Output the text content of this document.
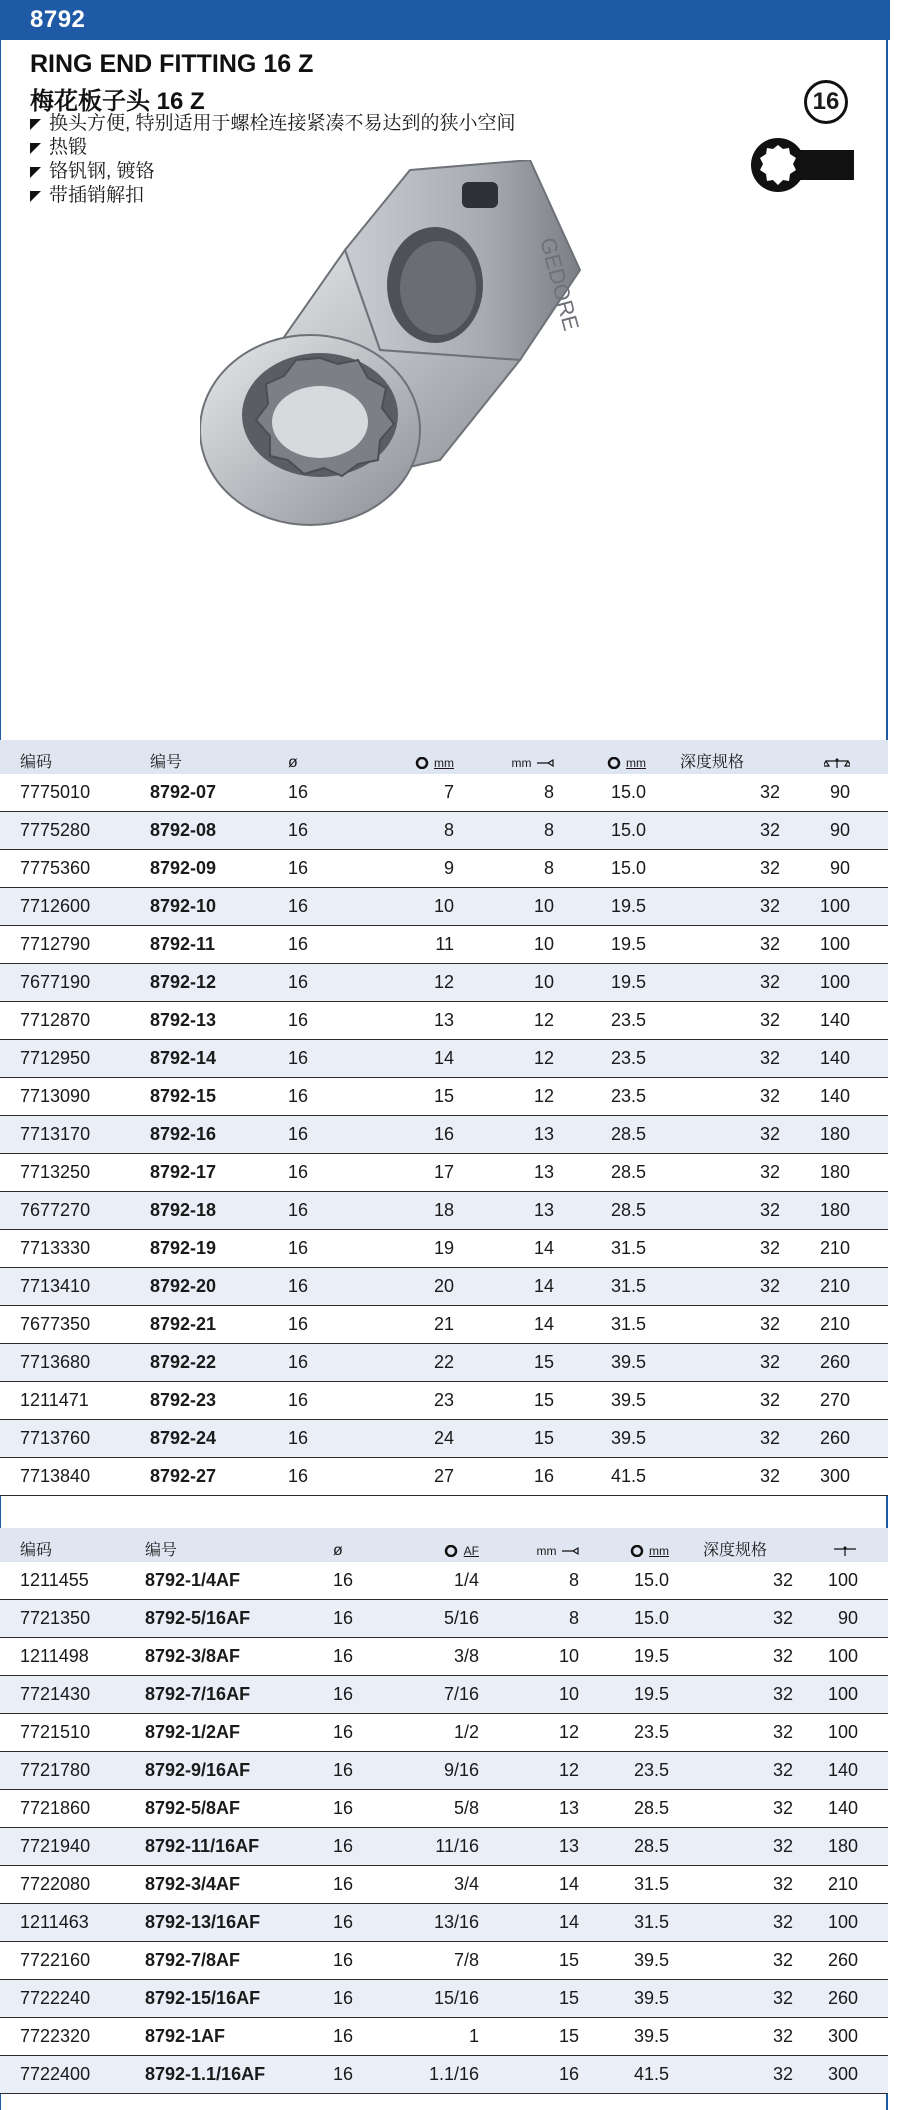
8792
RING END FITTING 16 Z
梅花板子头 16 Z
换头方便, 特别适用于螺栓连接紧凑不易达到的狭小空间
热锻
铬钒钢, 镀铬
带插销解扣
16
GEDORE
编码	编号	ø	mm	mm	mm	深度规格
7775010	8792-07	16	7	8	15.0	32	90
7775280	8792-08	16	8	8	15.0	32	90
7775360	8792-09	16	9	8	15.0	32	90
7712600	8792-10	16	10	10	19.5	32	100
7712790	8792-11	16	11	10	19.5	32	100
7677190	8792-12	16	12	10	19.5	32	100
7712870	8792-13	16	13	12	23.5	32	140
7712950	8792-14	16	14	12	23.5	32	140
7713090	8792-15	16	15	12	23.5	32	140
7713170	8792-16	16	16	13	28.5	32	180
7713250	8792-17	16	17	13	28.5	32	180
7677270	8792-18	16	18	13	28.5	32	180
7713330	8792-19	16	19	14	31.5	32	210
7713410	8792-20	16	20	14	31.5	32	210
7677350	8792-21	16	21	14	31.5	32	210
7713680	8792-22	16	22	15	39.5	32	260
1211471	8792-23	16	23	15	39.5	32	270
7713760	8792-24	16	24	15	39.5	32	260
7713840	8792-27	16	27	16	41.5	32	300
编码	编号	ø	AF	mm	mm	深度规格
1211455	8792-1/4AF	16	1/4	8	15.0	32	100
7721350	8792-5/16AF	16	5/16	8	15.0	32	90
1211498	8792-3/8AF	16	3/8	10	19.5	32	100
7721430	8792-7/16AF	16	7/16	10	19.5	32	100
7721510	8792-1/2AF	16	1/2	12	23.5	32	100
7721780	8792-9/16AF	16	9/16	12	23.5	32	140
7721860	8792-5/8AF	16	5/8	13	28.5	32	140
7721940	8792-11/16AF	16	11/16	13	28.5	32	180
7722080	8792-3/4AF	16	3/4	14	31.5	32	210
1211463	8792-13/16AF	16	13/16	14	31.5	32	100
7722160	8792-7/8AF	16	7/8	15	39.5	32	260
7722240	8792-15/16AF	16	15/16	15	39.5	32	260
7722320	8792-1AF	16	1	15	39.5	32	300
7722400	8792-1.1/16AF	16	1.1/16	16	41.5	32	300
